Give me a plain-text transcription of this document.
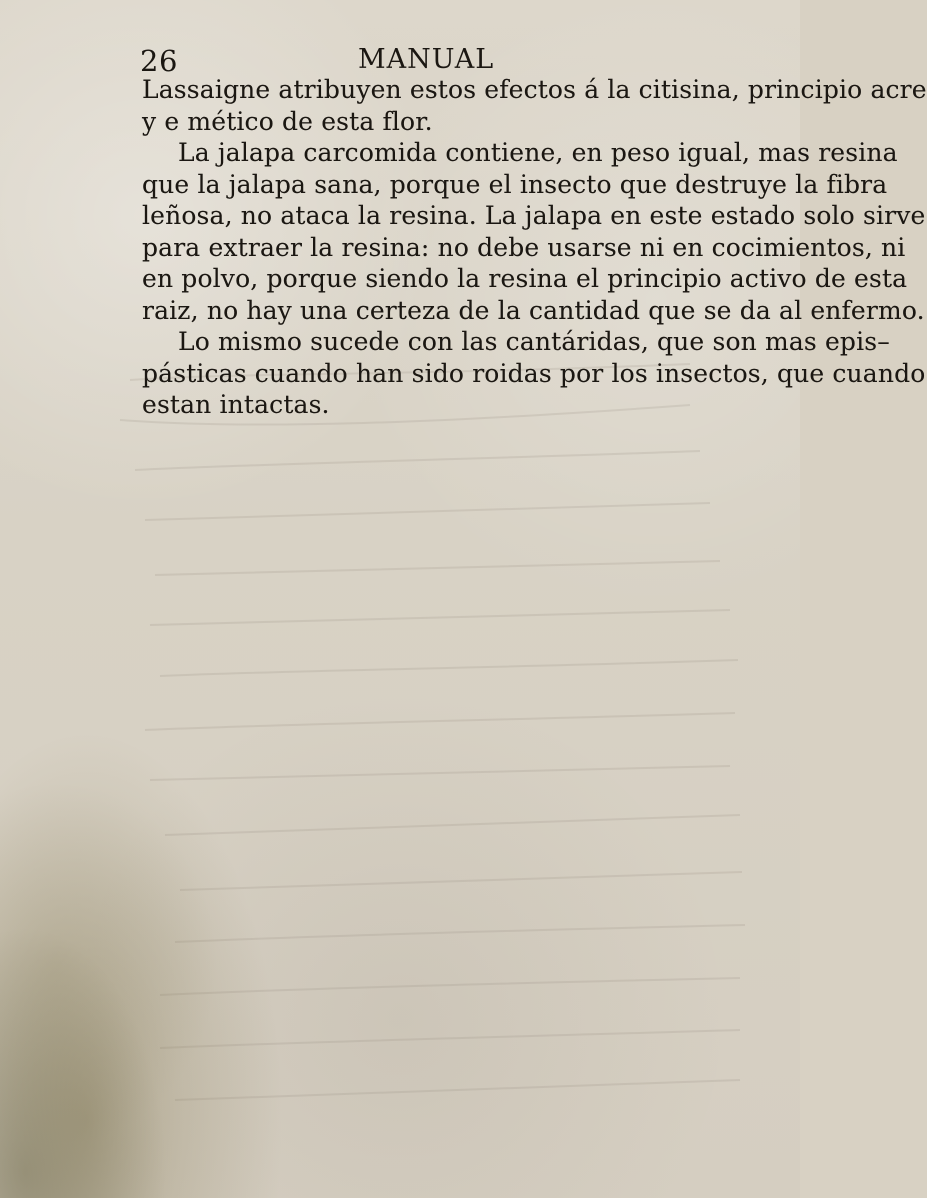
26	MANUAL
Lassaigne atribuyen estos efectos á la citisina, principio acre
y e mético de esta flor.
La jalapa carcomida contiene, en peso igual, mas resina
que la jalapa sana, porque el insecto que destruye la fibra
leñosa, no ataca la resina. La jalapa en este estado solo sirve
para extraer la resina: no debe usarse ni en cocimientos, ni
en polvo, porque siendo la resina el principio activo de esta
raiz, no hay una certeza de la cantidad que se da al enfermo.
Lo mismo sucede con las cantáridas, que son mas epis–
pásticas cuando han sido roidas por los insectos, que cuando
estan intactas.
